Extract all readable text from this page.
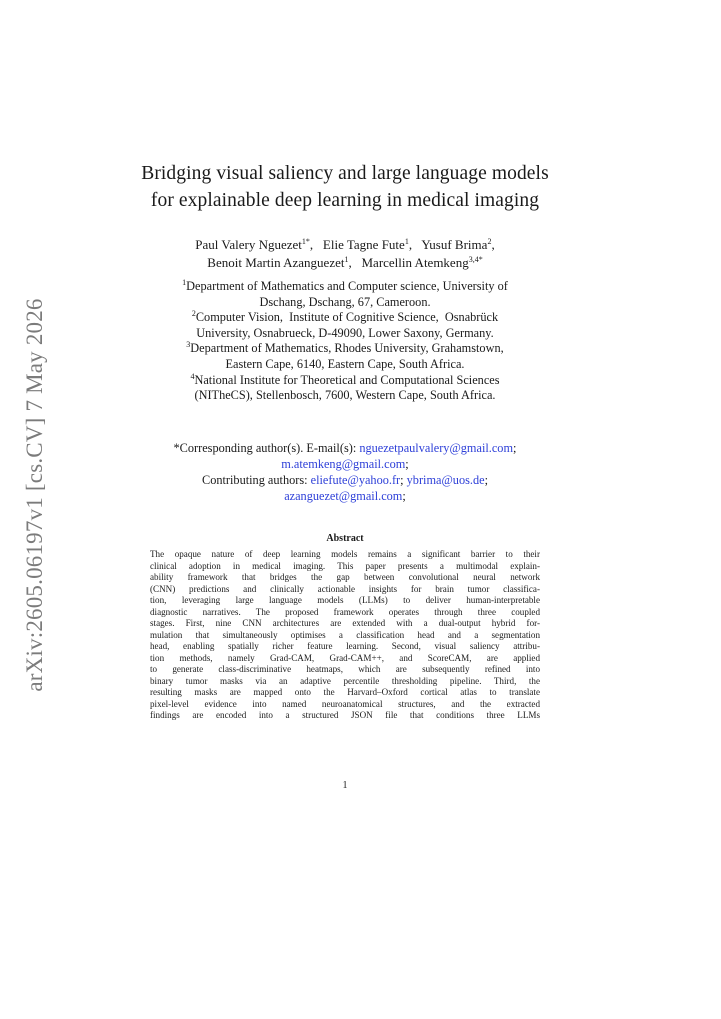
arXiv:2605.06197v1 [cs.CV] 7 May 2026
Bridging visual saliency and large language models
for explainable deep learning in medical imaging
Paul Valery Nguezet$^{1*}$,   Elie Tagne Fute$^1$,   Yusuf Brima$^2$,
Benoit Martin Azanguezet$^1$,   Marcellin Atemkeng$^{3,4*}$
$^1$Department of Mathematics and Computer science, University of
Dschang, Dschang, 67, Cameroon.
$^2$Computer Vision,  Institute of Cognitive Science,  Osnabrück
University, Osnabrueck, D-49090, Lower Saxony, Germany.
$^3$Department of Mathematics, Rhodes University, Grahamstown,
Eastern Cape, 6140, Eastern Cape, South Africa.
$^4$National Institute for Theoretical and Computational Sciences
(NITheCS), Stellenbosch, 7600, Western Cape, South Africa.
*Corresponding author(s). E-mail(s): nguezetpaulvalery@gmail.com;
m.atemkeng@gmail.com;
Contributing authors: eliefute@yahoo.fr; ybrima@uos.de;
azanguezet@gmail.com;
Abstract
The opaque nature of deep learning models remains a significant barrier to their
clinical adoption in medical imaging. This paper presents a multimodal explain-
ability framework that bridges the gap between convolutional neural network
(CNN) predictions and clinically actionable insights for brain tumor classifica-
tion, leveraging large language models (LLMs) to deliver human-interpretable
diagnostic narratives. The proposed framework operates through three coupled
stages. First, nine CNN architectures are extended with a dual-output hybrid for-
mulation that simultaneously optimises a classification head and a segmentation
head, enabling spatially richer feature learning. Second, visual saliency attribu-
tion methods, namely Grad-CAM, Grad-CAM++, and ScoreCAM, are applied
to generate class-discriminative heatmaps, which are subsequently refined into
binary tumor masks via an adaptive percentile thresholding pipeline. Third, the
resulting masks are mapped onto the Harvard–Oxford cortical atlas to translate
pixel-level evidence into named neuroanatomical structures, and the extracted
findings are encoded into a structured JSON file that conditions three LLMs
1
